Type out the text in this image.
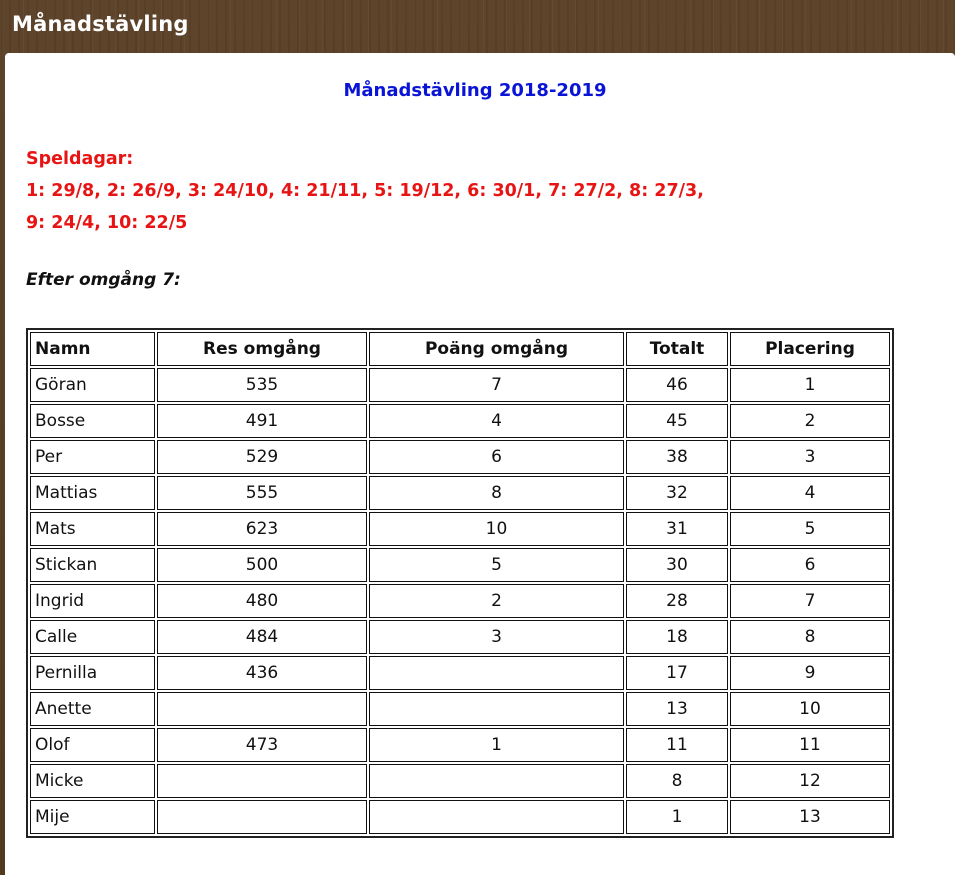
Månadstävling
Månadstävling 2018-2019
Speldagar:
1: 29/8, 2: 26/9, 3: 24/10, 4: 21/11, 5: 19/12, 6: 30/1, 7: 27/2, 8: 27/3,
9: 24/4, 10: 22/5
Efter omgång 7:
Namn	Res omgång	Poäng omgång	Totalt	Placering
Göran	535	7	46	1
Bosse	491	4	45	2
Per	529	6	38	3
Mattias	555	8	32	4
Mats	623	10	31	5
Stickan	500	5	30	6
Ingrid	480	2	28	7
Calle	484	3	18	8
Pernilla	436		17	9
Anette			13	10
Olof	473	1	11	11
Micke			8	12
Mije			1	13
